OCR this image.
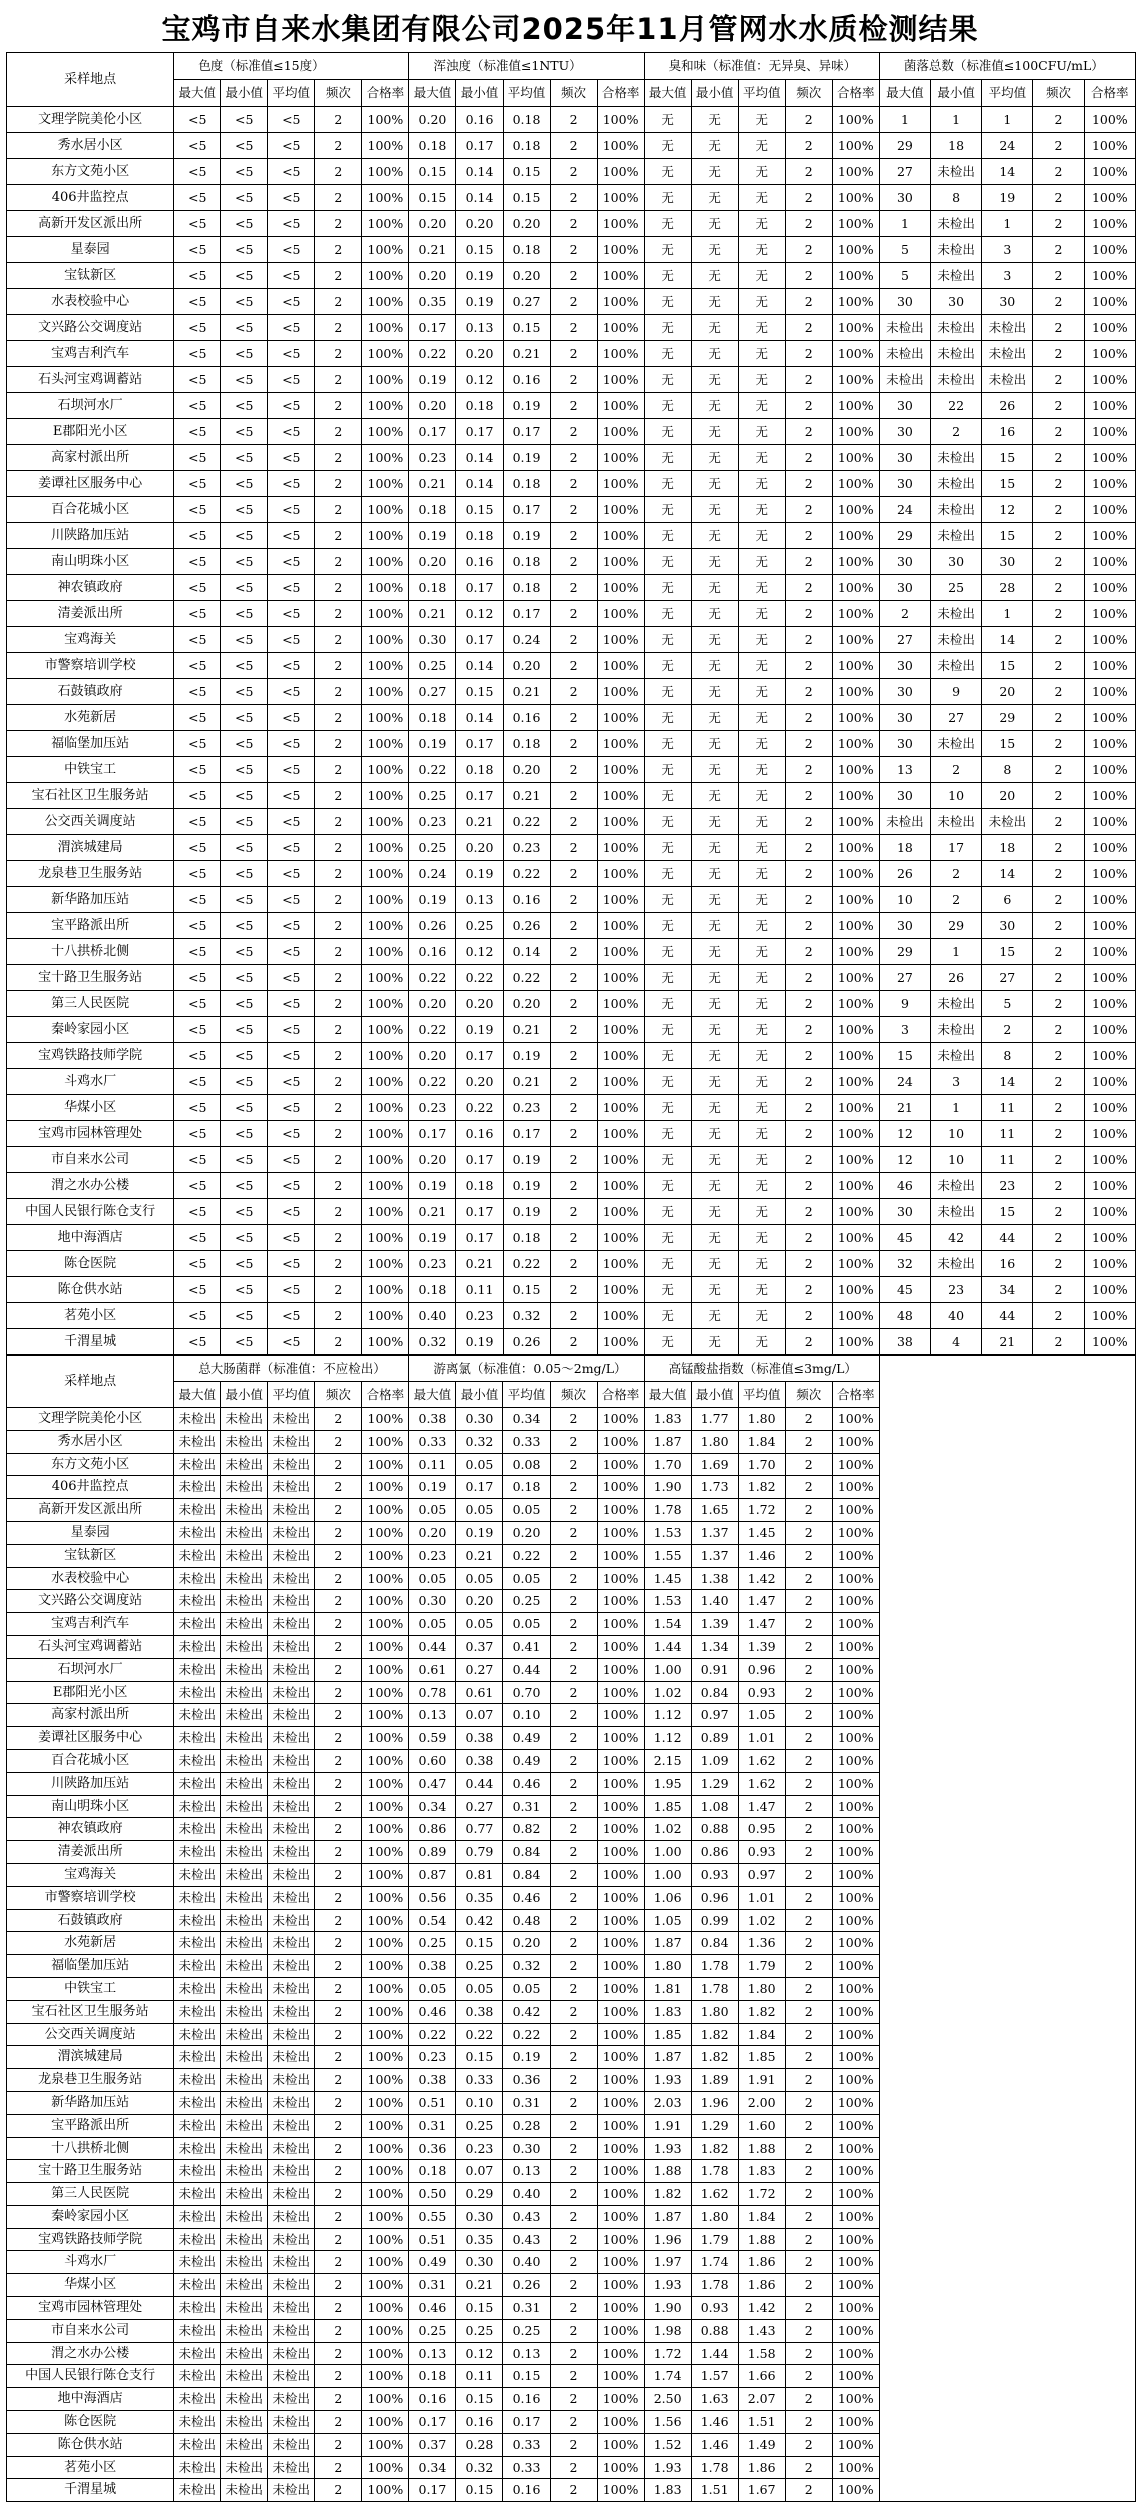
宝鸡市自来水集团有限公司2025年11月管网水水质检测结果
采样地点	色度（标准值≤15度）					浑浊度（标准值≤1NTU）					臭和味（标准值：无异臭、异味）					菌落总数（标准值≤100CFU/mL）				
	最大值	最小值	平均值	频次	合格率	最大值	最小值	平均值	频次	合格率	最大值	最小值	平均值	频次	合格率	最大值	最小值	平均值	频次	合格率
文理学院美伦小区	<5	<5	<5	2	100%	0.20	0.16	0.18	2	100%	无	无	无	2	100%	1	1	1	2	100%
秀水居小区	<5	<5	<5	2	100%	0.18	0.17	0.18	2	100%	无	无	无	2	100%	29	18	24	2	100%
东方文苑小区	<5	<5	<5	2	100%	0.15	0.14	0.15	2	100%	无	无	无	2	100%	27	未检出	14	2	100%
406井监控点	<5	<5	<5	2	100%	0.15	0.14	0.15	2	100%	无	无	无	2	100%	30	8	19	2	100%
高新开发区派出所	<5	<5	<5	2	100%	0.20	0.20	0.20	2	100%	无	无	无	2	100%	1	未检出	1	2	100%
星泰园	<5	<5	<5	2	100%	0.21	0.15	0.18	2	100%	无	无	无	2	100%	5	未检出	3	2	100%
宝钛新区	<5	<5	<5	2	100%	0.20	0.19	0.20	2	100%	无	无	无	2	100%	5	未检出	3	2	100%
水表校验中心	<5	<5	<5	2	100%	0.35	0.19	0.27	2	100%	无	无	无	2	100%	30	30	30	2	100%
文兴路公交调度站	<5	<5	<5	2	100%	0.17	0.13	0.15	2	100%	无	无	无	2	100%	未检出	未检出	未检出	2	100%
宝鸡吉利汽车	<5	<5	<5	2	100%	0.22	0.20	0.21	2	100%	无	无	无	2	100%	未检出	未检出	未检出	2	100%
石头河宝鸡调蓄站	<5	<5	<5	2	100%	0.19	0.12	0.16	2	100%	无	无	无	2	100%	未检出	未检出	未检出	2	100%
石坝河水厂	<5	<5	<5	2	100%	0.20	0.18	0.19	2	100%	无	无	无	2	100%	30	22	26	2	100%
E郡阳光小区	<5	<5	<5	2	100%	0.17	0.17	0.17	2	100%	无	无	无	2	100%	30	2	16	2	100%
高家村派出所	<5	<5	<5	2	100%	0.23	0.14	0.19	2	100%	无	无	无	2	100%	30	未检出	15	2	100%
姜谭社区服务中心	<5	<5	<5	2	100%	0.21	0.14	0.18	2	100%	无	无	无	2	100%	30	未检出	15	2	100%
百合花城小区	<5	<5	<5	2	100%	0.18	0.15	0.17	2	100%	无	无	无	2	100%	24	未检出	12	2	100%
川陕路加压站	<5	<5	<5	2	100%	0.19	0.18	0.19	2	100%	无	无	无	2	100%	29	未检出	15	2	100%
南山明珠小区	<5	<5	<5	2	100%	0.20	0.16	0.18	2	100%	无	无	无	2	100%	30	30	30	2	100%
神农镇政府	<5	<5	<5	2	100%	0.18	0.17	0.18	2	100%	无	无	无	2	100%	30	25	28	2	100%
清姜派出所	<5	<5	<5	2	100%	0.21	0.12	0.17	2	100%	无	无	无	2	100%	2	未检出	1	2	100%
宝鸡海关	<5	<5	<5	2	100%	0.30	0.17	0.24	2	100%	无	无	无	2	100%	27	未检出	14	2	100%
市警察培训学校	<5	<5	<5	2	100%	0.25	0.14	0.20	2	100%	无	无	无	2	100%	30	未检出	15	2	100%
石鼓镇政府	<5	<5	<5	2	100%	0.27	0.15	0.21	2	100%	无	无	无	2	100%	30	9	20	2	100%
水苑新居	<5	<5	<5	2	100%	0.18	0.14	0.16	2	100%	无	无	无	2	100%	30	27	29	2	100%
福临堡加压站	<5	<5	<5	2	100%	0.19	0.17	0.18	2	100%	无	无	无	2	100%	30	未检出	15	2	100%
中铁宝工	<5	<5	<5	2	100%	0.22	0.18	0.20	2	100%	无	无	无	2	100%	13	2	8	2	100%
宝石社区卫生服务站	<5	<5	<5	2	100%	0.25	0.17	0.21	2	100%	无	无	无	2	100%	30	10	20	2	100%
公交西关调度站	<5	<5	<5	2	100%	0.23	0.21	0.22	2	100%	无	无	无	2	100%	未检出	未检出	未检出	2	100%
渭滨城建局	<5	<5	<5	2	100%	0.25	0.20	0.23	2	100%	无	无	无	2	100%	18	17	18	2	100%
龙泉巷卫生服务站	<5	<5	<5	2	100%	0.24	0.19	0.22	2	100%	无	无	无	2	100%	26	2	14	2	100%
新华路加压站	<5	<5	<5	2	100%	0.19	0.13	0.16	2	100%	无	无	无	2	100%	10	2	6	2	100%
宝平路派出所	<5	<5	<5	2	100%	0.26	0.25	0.26	2	100%	无	无	无	2	100%	30	29	30	2	100%
十八拱桥北侧	<5	<5	<5	2	100%	0.16	0.12	0.14	2	100%	无	无	无	2	100%	29	1	15	2	100%
宝十路卫生服务站	<5	<5	<5	2	100%	0.22	0.22	0.22	2	100%	无	无	无	2	100%	27	26	27	2	100%
第三人民医院	<5	<5	<5	2	100%	0.20	0.20	0.20	2	100%	无	无	无	2	100%	9	未检出	5	2	100%
秦岭家园小区	<5	<5	<5	2	100%	0.22	0.19	0.21	2	100%	无	无	无	2	100%	3	未检出	2	2	100%
宝鸡铁路技师学院	<5	<5	<5	2	100%	0.20	0.17	0.19	2	100%	无	无	无	2	100%	15	未检出	8	2	100%
斗鸡水厂	<5	<5	<5	2	100%	0.22	0.20	0.21	2	100%	无	无	无	2	100%	24	3	14	2	100%
华煤小区	<5	<5	<5	2	100%	0.23	0.22	0.23	2	100%	无	无	无	2	100%	21	1	11	2	100%
宝鸡市园林管理处	<5	<5	<5	2	100%	0.17	0.16	0.17	2	100%	无	无	无	2	100%	12	10	11	2	100%
市自来水公司	<5	<5	<5	2	100%	0.20	0.17	0.19	2	100%	无	无	无	2	100%	12	10	11	2	100%
渭之水办公楼	<5	<5	<5	2	100%	0.19	0.18	0.19	2	100%	无	无	无	2	100%	46	未检出	23	2	100%
中国人民银行陈仓支行	<5	<5	<5	2	100%	0.21	0.17	0.19	2	100%	无	无	无	2	100%	30	未检出	15	2	100%
地中海酒店	<5	<5	<5	2	100%	0.19	0.17	0.18	2	100%	无	无	无	2	100%	45	42	44	2	100%
陈仓医院	<5	<5	<5	2	100%	0.23	0.21	0.22	2	100%	无	无	无	2	100%	32	未检出	16	2	100%
陈仓供水站	<5	<5	<5	2	100%	0.18	0.11	0.15	2	100%	无	无	无	2	100%	45	23	34	2	100%
茗苑小区	<5	<5	<5	2	100%	0.40	0.23	0.32	2	100%	无	无	无	2	100%	48	40	44	2	100%
千渭星城	<5	<5	<5	2	100%	0.32	0.19	0.26	2	100%	无	无	无	2	100%	38	4	21	2	100%
采样地点	总大肠菌群（标准值：不应检出）					游离氯（标准值：0.05～2mg/L）					高锰酸盐指数（标准值≤3mg/L）					
	最大值	最小值	平均值	频次	合格率	最大值	最小值	平均值	频次	合格率	最大值	最小值	平均值	频次	合格率	
文理学院美伦小区	未检出	未检出	未检出	2	100%	0.38	0.30	0.34	2	100%	1.83	1.77	1.80	2	100%	
秀水居小区	未检出	未检出	未检出	2	100%	0.33	0.32	0.33	2	100%	1.87	1.80	1.84	2	100%	
东方文苑小区	未检出	未检出	未检出	2	100%	0.11	0.05	0.08	2	100%	1.70	1.69	1.70	2	100%	
406井监控点	未检出	未检出	未检出	2	100%	0.19	0.17	0.18	2	100%	1.90	1.73	1.82	2	100%	
高新开发区派出所	未检出	未检出	未检出	2	100%	0.05	0.05	0.05	2	100%	1.78	1.65	1.72	2	100%	
星泰园	未检出	未检出	未检出	2	100%	0.20	0.19	0.20	2	100%	1.53	1.37	1.45	2	100%	
宝钛新区	未检出	未检出	未检出	2	100%	0.23	0.21	0.22	2	100%	1.55	1.37	1.46	2	100%	
水表校验中心	未检出	未检出	未检出	2	100%	0.05	0.05	0.05	2	100%	1.45	1.38	1.42	2	100%	
文兴路公交调度站	未检出	未检出	未检出	2	100%	0.30	0.20	0.25	2	100%	1.53	1.40	1.47	2	100%	
宝鸡吉利汽车	未检出	未检出	未检出	2	100%	0.05	0.05	0.05	2	100%	1.54	1.39	1.47	2	100%	
石头河宝鸡调蓄站	未检出	未检出	未检出	2	100%	0.44	0.37	0.41	2	100%	1.44	1.34	1.39	2	100%	
石坝河水厂	未检出	未检出	未检出	2	100%	0.61	0.27	0.44	2	100%	1.00	0.91	0.96	2	100%	
E郡阳光小区	未检出	未检出	未检出	2	100%	0.78	0.61	0.70	2	100%	1.02	0.84	0.93	2	100%	
高家村派出所	未检出	未检出	未检出	2	100%	0.13	0.07	0.10	2	100%	1.12	0.97	1.05	2	100%	
姜谭社区服务中心	未检出	未检出	未检出	2	100%	0.59	0.38	0.49	2	100%	1.12	0.89	1.01	2	100%	
百合花城小区	未检出	未检出	未检出	2	100%	0.60	0.38	0.49	2	100%	2.15	1.09	1.62	2	100%	
川陕路加压站	未检出	未检出	未检出	2	100%	0.47	0.44	0.46	2	100%	1.95	1.29	1.62	2	100%	
南山明珠小区	未检出	未检出	未检出	2	100%	0.34	0.27	0.31	2	100%	1.85	1.08	1.47	2	100%	
神农镇政府	未检出	未检出	未检出	2	100%	0.86	0.77	0.82	2	100%	1.02	0.88	0.95	2	100%	
清姜派出所	未检出	未检出	未检出	2	100%	0.89	0.79	0.84	2	100%	1.00	0.86	0.93	2	100%	
宝鸡海关	未检出	未检出	未检出	2	100%	0.87	0.81	0.84	2	100%	1.00	0.93	0.97	2	100%	
市警察培训学校	未检出	未检出	未检出	2	100%	0.56	0.35	0.46	2	100%	1.06	0.96	1.01	2	100%	
石鼓镇政府	未检出	未检出	未检出	2	100%	0.54	0.42	0.48	2	100%	1.05	0.99	1.02	2	100%	
水苑新居	未检出	未检出	未检出	2	100%	0.25	0.15	0.20	2	100%	1.87	0.84	1.36	2	100%	
福临堡加压站	未检出	未检出	未检出	2	100%	0.38	0.25	0.32	2	100%	1.80	1.78	1.79	2	100%	
中铁宝工	未检出	未检出	未检出	2	100%	0.05	0.05	0.05	2	100%	1.81	1.78	1.80	2	100%	
宝石社区卫生服务站	未检出	未检出	未检出	2	100%	0.46	0.38	0.42	2	100%	1.83	1.80	1.82	2	100%	
公交西关调度站	未检出	未检出	未检出	2	100%	0.22	0.22	0.22	2	100%	1.85	1.82	1.84	2	100%	
渭滨城建局	未检出	未检出	未检出	2	100%	0.23	0.15	0.19	2	100%	1.87	1.82	1.85	2	100%	
龙泉巷卫生服务站	未检出	未检出	未检出	2	100%	0.38	0.33	0.36	2	100%	1.93	1.89	1.91	2	100%	
新华路加压站	未检出	未检出	未检出	2	100%	0.51	0.10	0.31	2	100%	2.03	1.96	2.00	2	100%	
宝平路派出所	未检出	未检出	未检出	2	100%	0.31	0.25	0.28	2	100%	1.91	1.29	1.60	2	100%	
十八拱桥北侧	未检出	未检出	未检出	2	100%	0.36	0.23	0.30	2	100%	1.93	1.82	1.88	2	100%	
宝十路卫生服务站	未检出	未检出	未检出	2	100%	0.18	0.07	0.13	2	100%	1.88	1.78	1.83	2	100%	
第三人民医院	未检出	未检出	未检出	2	100%	0.50	0.29	0.40	2	100%	1.82	1.62	1.72	2	100%	
秦岭家园小区	未检出	未检出	未检出	2	100%	0.55	0.30	0.43	2	100%	1.87	1.80	1.84	2	100%	
宝鸡铁路技师学院	未检出	未检出	未检出	2	100%	0.51	0.35	0.43	2	100%	1.96	1.79	1.88	2	100%	
斗鸡水厂	未检出	未检出	未检出	2	100%	0.49	0.30	0.40	2	100%	1.97	1.74	1.86	2	100%	
华煤小区	未检出	未检出	未检出	2	100%	0.31	0.21	0.26	2	100%	1.93	1.78	1.86	2	100%	
宝鸡市园林管理处	未检出	未检出	未检出	2	100%	0.46	0.15	0.31	2	100%	1.90	0.93	1.42	2	100%	
市自来水公司	未检出	未检出	未检出	2	100%	0.25	0.25	0.25	2	100%	1.98	0.88	1.43	2	100%	
渭之水办公楼	未检出	未检出	未检出	2	100%	0.13	0.12	0.13	2	100%	1.72	1.44	1.58	2	100%	
中国人民银行陈仓支行	未检出	未检出	未检出	2	100%	0.18	0.11	0.15	2	100%	1.74	1.57	1.66	2	100%	
地中海酒店	未检出	未检出	未检出	2	100%	0.16	0.15	0.16	2	100%	2.50	1.63	2.07	2	100%	
陈仓医院	未检出	未检出	未检出	2	100%	0.17	0.16	0.17	2	100%	1.56	1.46	1.51	2	100%	
陈仓供水站	未检出	未检出	未检出	2	100%	0.37	0.28	0.33	2	100%	1.52	1.46	1.49	2	100%	
茗苑小区	未检出	未检出	未检出	2	100%	0.34	0.32	0.33	2	100%	1.93	1.78	1.86	2	100%	
千渭星城	未检出	未检出	未检出	2	100%	0.17	0.15	0.16	2	100%	1.83	1.51	1.67	2	100%	
